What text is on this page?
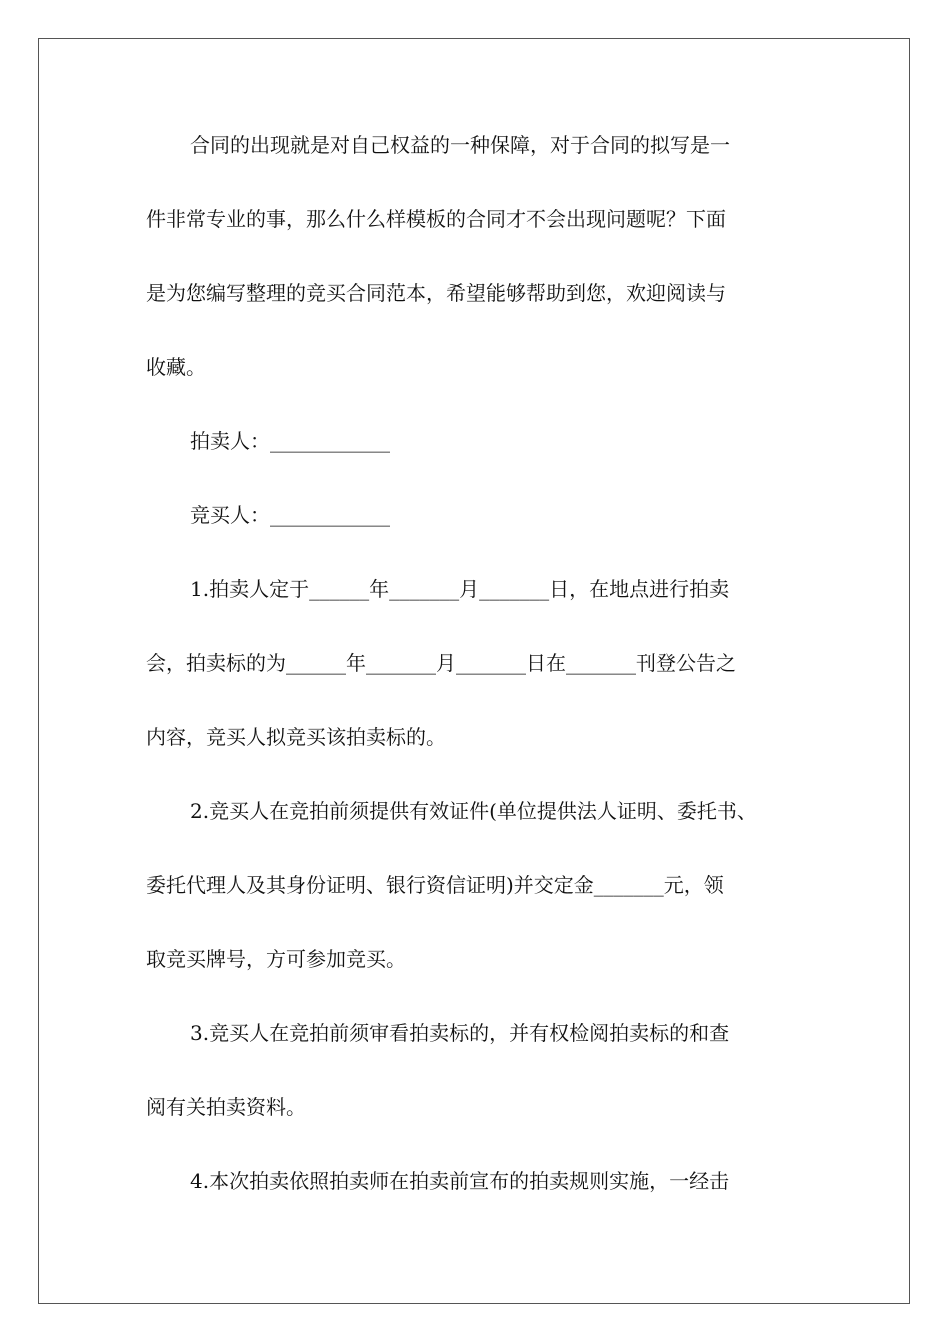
合同的出现就是对自己权益的一种保障，对于合同的拟写是一

件非常专业的事，那么什么样模板的合同才不会出现问题呢？下面

是为您编写整理的竞买合同范本，希望能够帮助到您，欢迎阅读与

收藏。

拍卖人：____________

竞买人：____________

1.拍卖人定于______年_______月_______日，在地点进行拍卖

会，拍卖标的为______年_______月_______日在_______刊登公告之

内容，竞买人拟竞买该拍卖标的。

2.竞买人在竞拍前须提供有效证件(单位提供法人证明、委托书、

委托代理人及其身份证明、银行资信证明)并交定金_______元，领

取竞买牌号，方可参加竞买。

3.竞买人在竞拍前须审看拍卖标的，并有权检阅拍卖标的和查

阅有关拍卖资料。

4.本次拍卖依照拍卖师在拍卖前宣布的拍卖规则实施，一经击
